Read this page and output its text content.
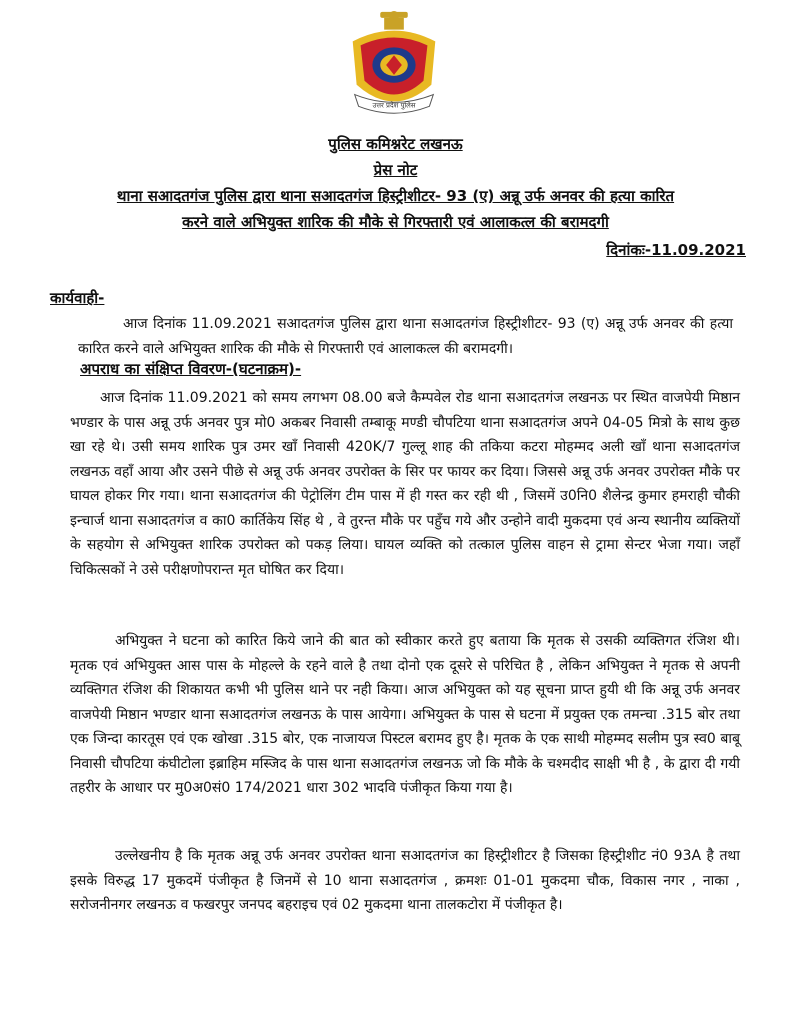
उत्तर प्रदेश पुलिस
पुलिस कमिश्नरेट लखनऊ
प्रेस नोट
थाना सआदतगंज पुलिस द्वारा थाना सआदतगंज हिस्ट्रीशीटर- 93 (ए) अन्नू उर्फ अनवर की हत्या कारित
करने वाले अभियुक्त शारिक की मौके से गिरफ्तारी एवं आलाकत्ल की बरामदगी
दिनांकः-11.09.2021
कार्यवाही-
आज दिनांक 11.09.2021 सआदतगंज पुलिस द्वारा थाना सआदतगंज हिस्ट्रीशीटर- 93 (ए) अन्नू उर्फ अनवर की हत्या कारित करने वाले अभियुक्त शारिक की मौके से गिरफ्तारी एवं आलाकत्ल की बरामदगी।
अपराध का संक्षिप्त विवरण-(घटनाक्रम)-
आज दिनांक 11.09.2021 को समय लगभग 08.00 बजे कैम्पवेल रोड थाना सआदतगंज लखनऊ पर स्थित वाजपेयी मिष्ठान भण्डार के पास अन्नू उर्फ अनवर पुत्र मो0 अकबर निवासी तम्बाकू मण्डी चौपटिया थाना सआदतगंज अपने 04-05 मित्रो के साथ कुछ खा रहे थे। उसी समय शारिक पुत्र उमर खाँ निवासी 420K/7 गुल्लू शाह की तकिया कटरा मोहम्मद अली खाँ थाना सआदतगंज लखनऊ वहाँ आया और उसने पीछे से अन्नू उर्फ अनवर उपरोक्त के सिर पर फायर कर दिया। जिससे अन्नू उर्फ अनवर उपरोक्त मौके पर घायल होकर गिर गया। थाना सआदतगंज की पेट्रोलिंग टीम पास में ही गस्त कर रही थी , जिसमें उ0नि0 शैलेन्द्र कुमार हमराही चौकी इन्चार्ज थाना सआदतगंज व का0 कार्तिकेय सिंह थे , वे तुरन्त मौके पर पहुँच गये और उन्होने वादी मुकदमा एवं अन्य स्थानीय व्यक्तियों के सहयोग से अभियुक्त शारिक उपरोक्त को पकड़ लिया। घायल व्यक्ति को तत्काल पुलिस वाहन से ट्रामा सेन्टर भेजा गया। जहाँ चिकित्सकों ने उसे परीक्षणोपरान्त मृत घोषित कर दिया।
अभियुक्त ने घटना को कारित किये जाने की बात को स्वीकार करते हुए बताया कि मृतक से उसकी व्यक्तिगत रंजिश थी। मृतक एवं अभियुक्त आस पास के मोहल्ले के रहने वाले है तथा दोनो एक दूसरे से परिचित है , लेकिन अभियुक्त ने मृतक से अपनी व्यक्तिगत रंजिश की शिकायत कभी भी पुलिस थाने पर नही किया। आज अभियुक्त को यह सूचना प्राप्त हुयी थी कि अन्नू उर्फ अनवर वाजपेयी मिष्ठान भण्डार थाना सआदतगंज लखनऊ के पास आयेगा। अभियुक्त के पास से घटना में प्रयुक्त एक तमन्चा .315 बोर तथा एक जिन्दा कारतूस एवं एक खोखा .315 बोर, एक नाजायज पिस्टल बरामद हुए है। मृतक के एक साथी मोहम्मद सलीम पुत्र स्व0 बाबू निवासी चौपटिया कंघीटोला इब्राहिम मस्जिद के पास थाना सआदतगंज लखनऊ जो कि मौके के चश्मदीद साक्षी भी है , के द्वारा दी गयी तहरीर के आधार पर मु0अ0सं0 174/2021 धारा 302 भादवि पंजीकृत किया गया है।
उल्लेखनीय है कि मृतक अन्नू उर्फ अनवर उपरोक्त थाना सआदतगंज का हिस्ट्रीशीटर है जिसका हिस्ट्रीशीट नं0 93A है तथा इसके विरुद्ध 17 मुकदमें पंजीकृत है जिनमें से 10 थाना सआदतगंज , क्रमशः 01-01 मुकदमा चौक, विकास नगर , नाका , सरोजनीनगर लखनऊ व फखरपुर जनपद बहराइच एवं 02 मुकदमा थाना तालकटोरा में पंजीकृत है।
